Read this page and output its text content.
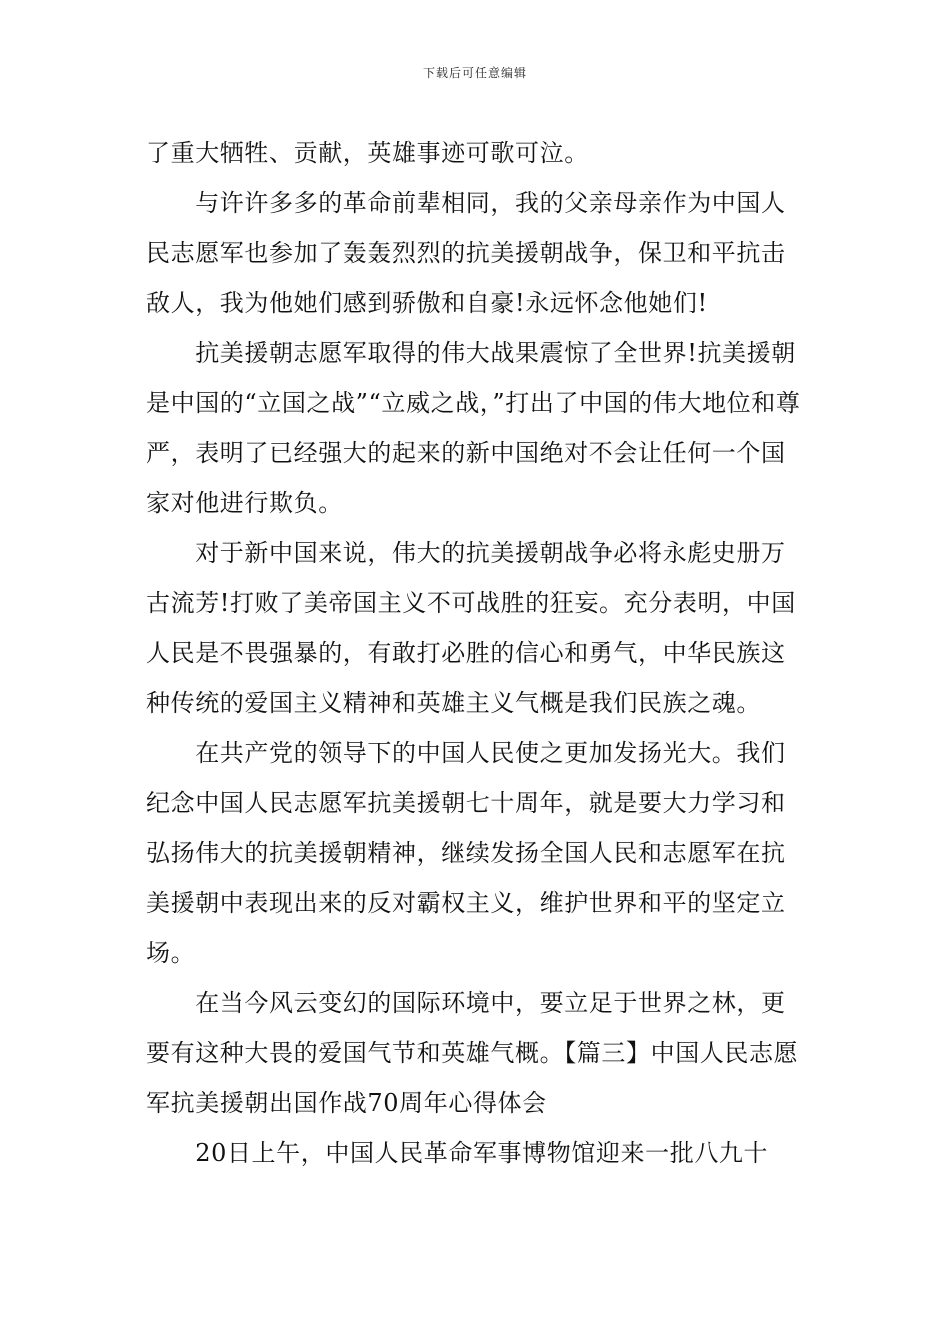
下载后可任意编辑

了重大牺牲、贡献，英雄事迹可歌可泣。

　　与许许多多的革命前辈相同，我的父亲母亲作为中国人民志愿军也参加了轰轰烈烈的抗美援朝战争，保卫和平抗击敌人，我为他她们感到骄傲和自豪!永远怀念他她们!

　　抗美援朝志愿军取得的伟大战果震惊了全世界!抗美援朝是中国的“立国之战”“立威之战，”打出了中国的伟大地位和尊严，表明了已经强大的起来的新中国绝对不会让任何一个国家对他进行欺负。

　　对于新中国来说，伟大的抗美援朝战争必将永彪史册万古流芳!打败了美帝国主义不可战胜的狂妄。充分表明，中国人民是不畏强暴的，有敢打必胜的信心和勇气，中华民族这种传统的爱国主义精神和英雄主义气概是我们民族之魂。

　　在共产党的领导下的中国人民使之更加发扬光大。我们纪念中国人民志愿军抗美援朝七十周年，就是要大力学习和弘扬伟大的抗美援朝精神，继续发扬全国人民和志愿军在抗美援朝中表现出来的反对霸权主义，维护世界和平的坚定立场。

　　在当今风云变幻的国际环境中，要立足于世界之林，更要有这种大畏的爱国气节和英雄气概。【篇三】中国人民志愿军抗美援朝出国作战70周年心得体会

　　20日上午，中国人民革命军事博物馆迎来一批八九十
